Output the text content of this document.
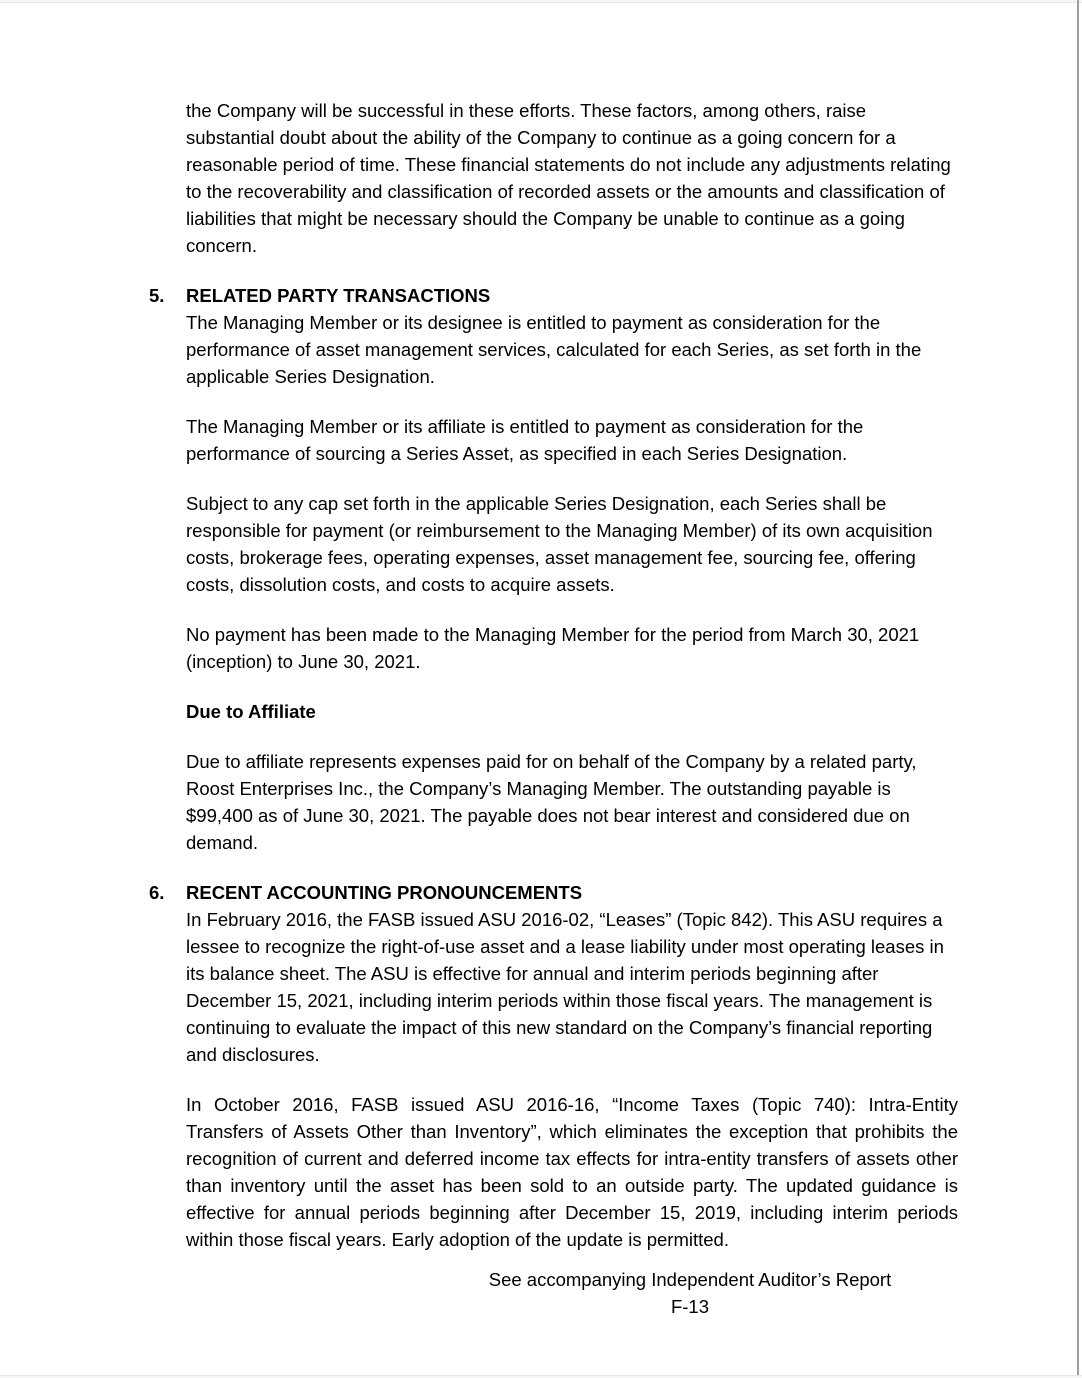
the Company will be successful in these efforts. These factors, among others, raise substantial doubt about the ability of the Company to continue as a going concern for a reasonable period of time. These financial statements do not include any adjustments relating to the recoverability and classification of recorded assets or the amounts and classification of liabilities that might be necessary should the Company be unable to continue as a going concern.

5. RELATED PARTY TRANSACTIONS

The Managing Member or its designee is entitled to payment as consideration for the performance of asset management services, calculated for each Series, as set forth in the applicable Series Designation.

The Managing Member or its affiliate is entitled to payment as consideration for the performance of sourcing a Series Asset, as specified in each Series Designation.

Subject to any cap set forth in the applicable Series Designation, each Series shall be responsible for payment (or reimbursement to the Managing Member) of its own acquisition costs, brokerage fees, operating expenses, asset management fee, sourcing fee, offering costs, dissolution costs, and costs to acquire assets.

No payment has been made to the Managing Member for the period from March 30, 2021 (inception) to June 30, 2021.

Due to Affiliate

Due to affiliate represents expenses paid for on behalf of the Company by a related party, Roost Enterprises Inc., the Company’s Managing Member. The outstanding payable is $99,400 as of June 30, 2021. The payable does not bear interest and considered due on demand.

6. RECENT ACCOUNTING PRONOUNCEMENTS

In February 2016, the FASB issued ASU 2016-02, “Leases” (Topic 842). This ASU requires a lessee to recognize the right-of-use asset and a lease liability under most operating leases in its balance sheet. The ASU is effective for annual and interim periods beginning after December 15, 2021, including interim periods within those fiscal years. The management is continuing to evaluate the impact of this new standard on the Company’s financial reporting and disclosures.

In October 2016, FASB issued ASU 2016-16, “Income Taxes (Topic 740): Intra-Entity Transfers of Assets Other than Inventory”, which eliminates the exception that prohibits the recognition of current and deferred income tax effects for intra-entity transfers of assets other than inventory until the asset has been sold to an outside party. The updated guidance is effective for annual periods beginning after December 15, 2019, including interim periods within those fiscal years. Early adoption of the update is permitted.

See accompanying Independent Auditor’s Report
F-13
